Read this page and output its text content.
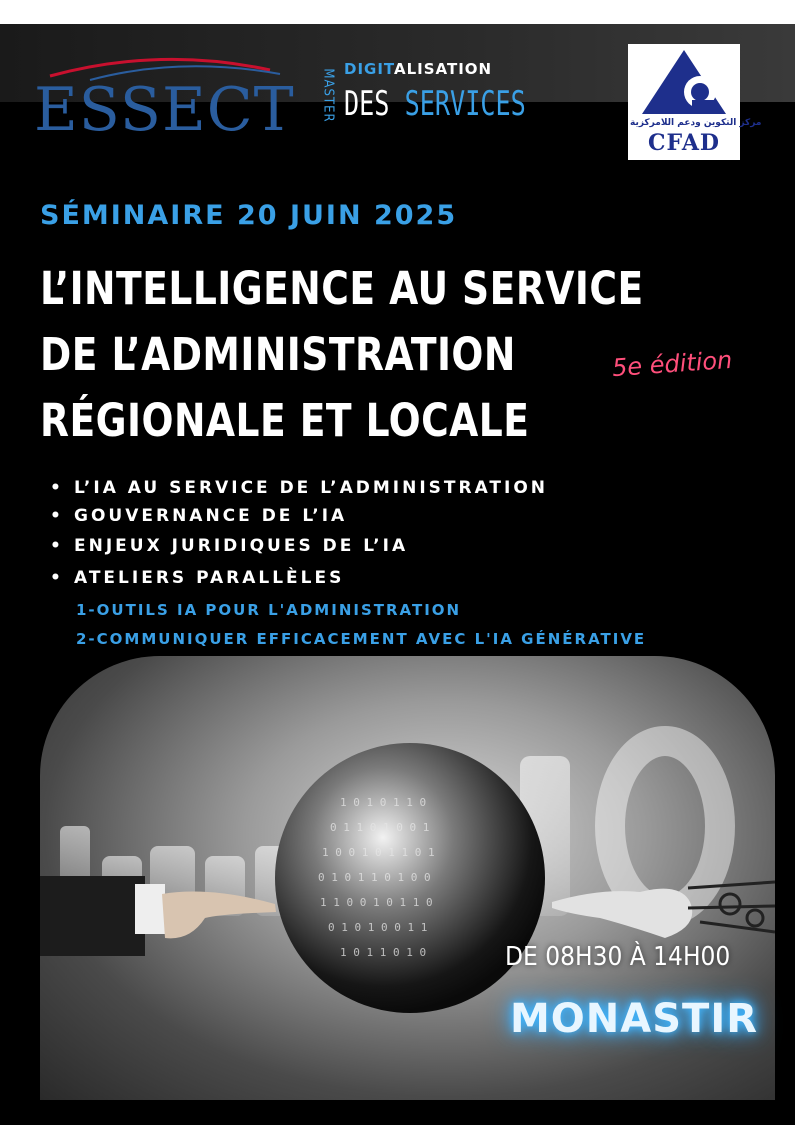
ESSECT MASTER DIGITALISATION
DES SERVICES	مركز التكوين ودعم اللامركزية
CFAD
SÉMINAIRE 20 JUIN 2025
L’INTELLIGENCE AU SERVICE
DE L’ADMINISTRATION
RÉGIONALE ET LOCALE
5e édition
• L’IA AU SERVICE DE L’ADMINISTRATION
• GOUVERNANCE DE L’IA
• ENJEUX JURIDIQUES DE L’IA
• ATELIERS PARALLÈLES
1-OUTILS IA POUR L'ADMINISTRATION
2-COMMUNIQUER EFFICACEMENT AVEC L'IA GÉNÉRATIVE
1 0 1 0 1 1 0
0 1 1 0 1 0 0 1
1 0 0 1 0 1 1 0 1
0 1 0 1 1 0 1 0 0
1 1 0 0 1 0 1 1 0
0 1 0 1 0 0 1 1
1 0 1 1 0 1 0	DE 08H30 À 14H00
MONASTIR
